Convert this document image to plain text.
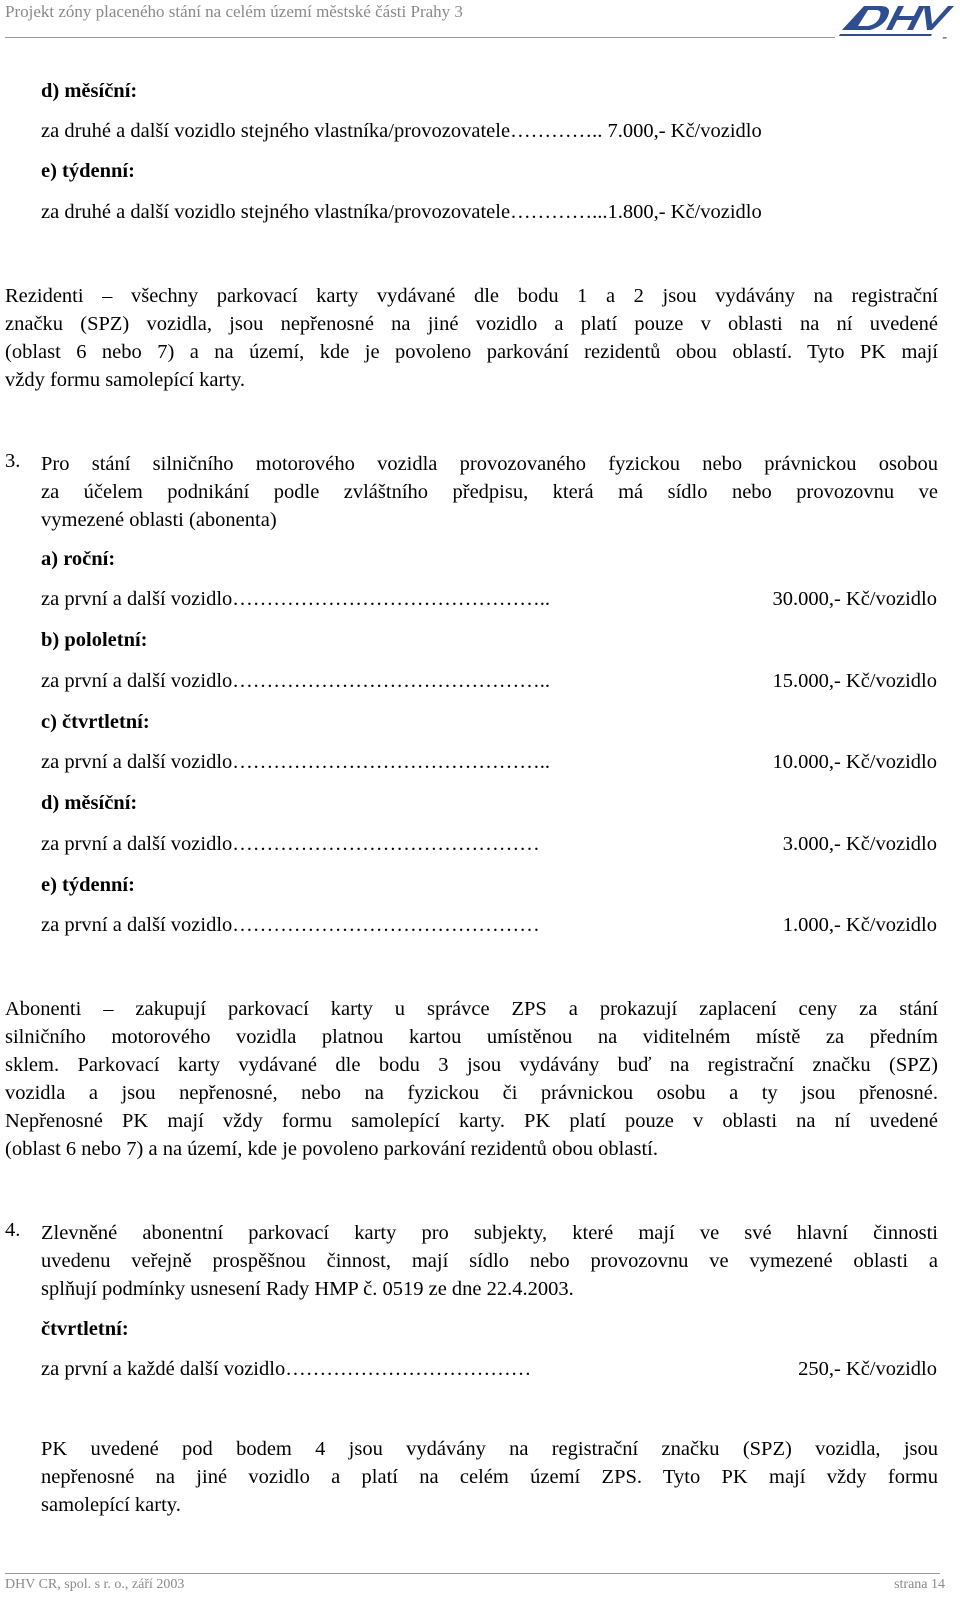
Projekt zóny placeného stání na celém území městské části Prahy 3
DHV
-
d) měsíční:
za druhé a další vozidlo stejného vlastníka/provozovatele………….. 7.000,- Kč/vozidlo
e) týdenní:
za druhé a další vozidlo stejného vlastníka/provozovatele…………...1.800,- Kč/vozidlo
Rezidenti – všechny parkovací karty vydávané dle bodu 1 a 2 jsou vydávány na registrační
značku (SPZ) vozidla, jsou nepřenosné na jiné vozidlo a platí pouze v oblasti na ní uvedené
(oblast 6 nebo 7) a na území, kde je povoleno parkování rezidentů obou oblastí. Tyto PK mají
vždy formu samolepící karty.
3. Pro stání silničního motorového vozidla provozovaného fyzickou nebo právnickou osobou
za účelem podnikání podle zvláštního předpisu, která má sídlo nebo provozovnu ve
vymezené oblasti (abonenta)
a) roční:
za první a další vozidlo ………………………………………..	30.000,- Kč/vozidlo
b) pololetní:
za první a další vozidlo ………………………………………..	15.000,- Kč/vozidlo
c) čtvrtletní:
za první a další vozidlo ………………………………………..	10.000,- Kč/vozidlo
d) měsíční:
za první a další vozidlo ………………………………………	3.000,- Kč/vozidlo
e) týdenní:
za první a další vozidlo ………………………………………	1.000,- Kč/vozidlo
Abonenti – zakupují parkovací karty u správce ZPS a prokazují zaplacení ceny za stání
silničního motorového vozidla platnou kartou umístěnou na viditelném místě za předním
sklem. Parkovací karty vydávané dle bodu 3 jsou vydávány buď na registrační značku (SPZ)
vozidla a jsou nepřenosné, nebo na fyzickou či právnickou osobu a ty jsou přenosné.
Nepřenosné PK mají vždy formu samolepící karty. PK platí pouze v oblasti na ní uvedené
(oblast 6 nebo 7) a na území, kde je povoleno parkování rezidentů obou oblastí.
4. Zlevněné abonentní parkovací karty pro subjekty, které mají ve své hlavní činnosti
uvedenu veřejně prospěšnou činnost, mají sídlo nebo provozovnu ve vymezené oblasti a
splňují podmínky usnesení Rady HMP č. 0519 ze dne 22.4.2003.
čtvrtletní:
za první a každé další vozidlo ………………………………	250,- Kč/vozidlo
PK uvedené pod bodem 4 jsou vydávány na registrační značku (SPZ) vozidla, jsou
nepřenosné na jiné vozidlo a platí na celém území ZPS. Tyto PK mají vždy formu
samolepící karty.
DHV CR, spol. s r. o., září 2003	strana 14
